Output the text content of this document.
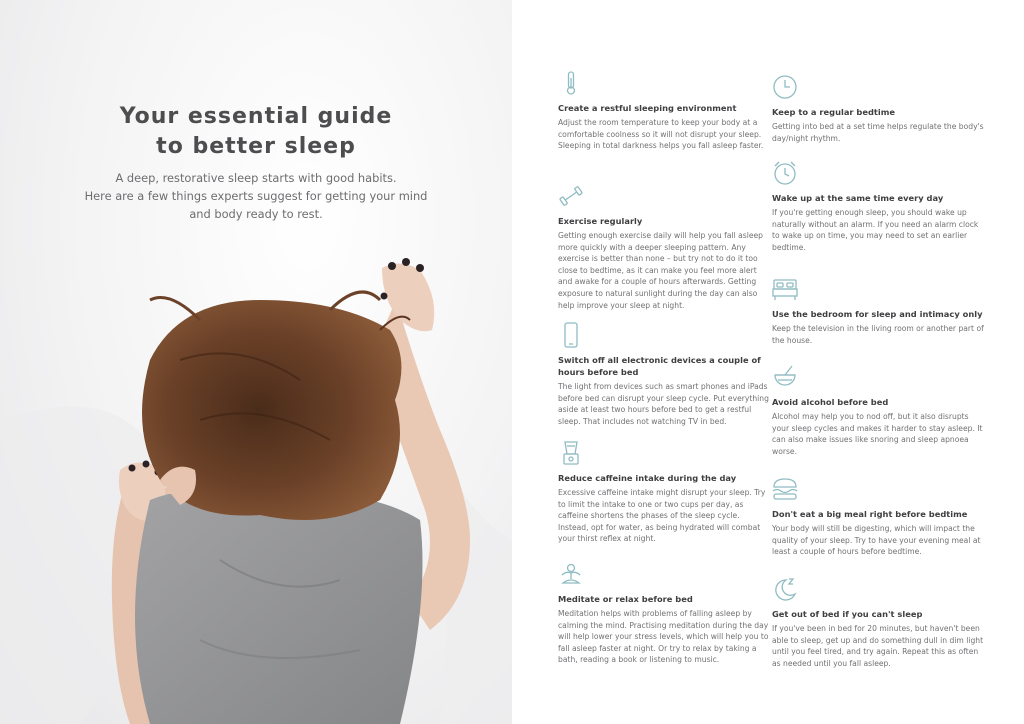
Your essential guide
to better sleep

A deep, restorative sleep starts with good habits.
Here are a few things experts suggest for getting your mind
and body ready to rest.

Create a restful sleeping environment

Adjust the room temperature to keep your body at a comfortable coolness so it will not disrupt your sleep. Sleeping in total darkness helps you fall asleep faster.

Exercise regularly

Getting enough exercise daily will help you fall asleep more quickly with a deeper sleeping pattern. Any exercise is better than none – but try not to do it too close to bedtime, as it can make you feel more alert and awake for a couple of hours afterwards. Getting exposure to natural sunlight during the day can also help improve your sleep at night.

Switch off all electronic devices a couple of hours before bed

The light from devices such as smart phones and iPads before bed can disrupt your sleep cycle. Put everything aside at least two hours before bed to get a restful sleep. That includes not watching TV in bed.

Reduce caffeine intake during the day

Excessive caffeine intake might disrupt your sleep. Try to limit the intake to one or two cups per day, as caffeine shortens the phases of the sleep cycle. Instead, opt for water, as being hydrated will combat your thirst reflex at night.

Meditate or relax before bed

Meditation helps with problems of falling asleep by calming the mind. Practising meditation during the day will help lower your stress levels, which will help you to fall asleep faster at night. Or try to relax by taking a bath, reading a book or listening to music.

Keep to a regular bedtime

Getting into bed at a set time helps regulate the body's day/night rhythm.

Wake up at the same time every day

If you're getting enough sleep, you should wake up naturally without an alarm. If you need an alarm clock to wake up on time, you may need to set an earlier bedtime.

Use the bedroom for sleep and intimacy only

Keep the television in the living room or another part of the house.

Avoid alcohol before bed

Alcohol may help you to nod off, but it also disrupts your sleep cycles and makes it harder to stay asleep. It can also make issues like snoring and sleep apnoea worse.

Don't eat a big meal right before bedtime

Your body will still be digesting, which will impact the quality of your sleep. Try to have your evening meal at least a couple of hours before bedtime.

Get out of bed if you can't sleep

If you've been in bed for 20 minutes, but haven't been able to sleep, get up and do something dull in dim light until you feel tired, and try again. Repeat this as often as needed until you fall asleep.
